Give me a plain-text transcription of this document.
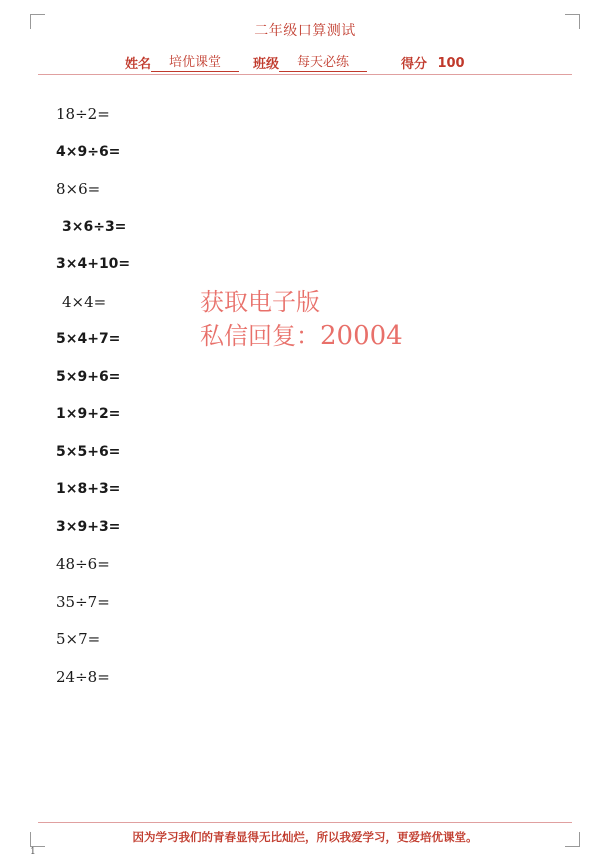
二年级口算测试
姓名	培优课堂	班级	每天必练	得分 100
18÷2=
4×9÷6=
8×6=
3×6÷3=
3×4+10=
4×4=
5×4+7=
5×9+6=
1×9+2=
5×5+6=
1×8+3=
3×9+3=
48÷6=
35÷7=
5×7=
24÷8=
获取电子版
私信回复：20004
因为学习我们的青春显得无比灿烂，所以我爱学习，更爱培优课堂。
1
